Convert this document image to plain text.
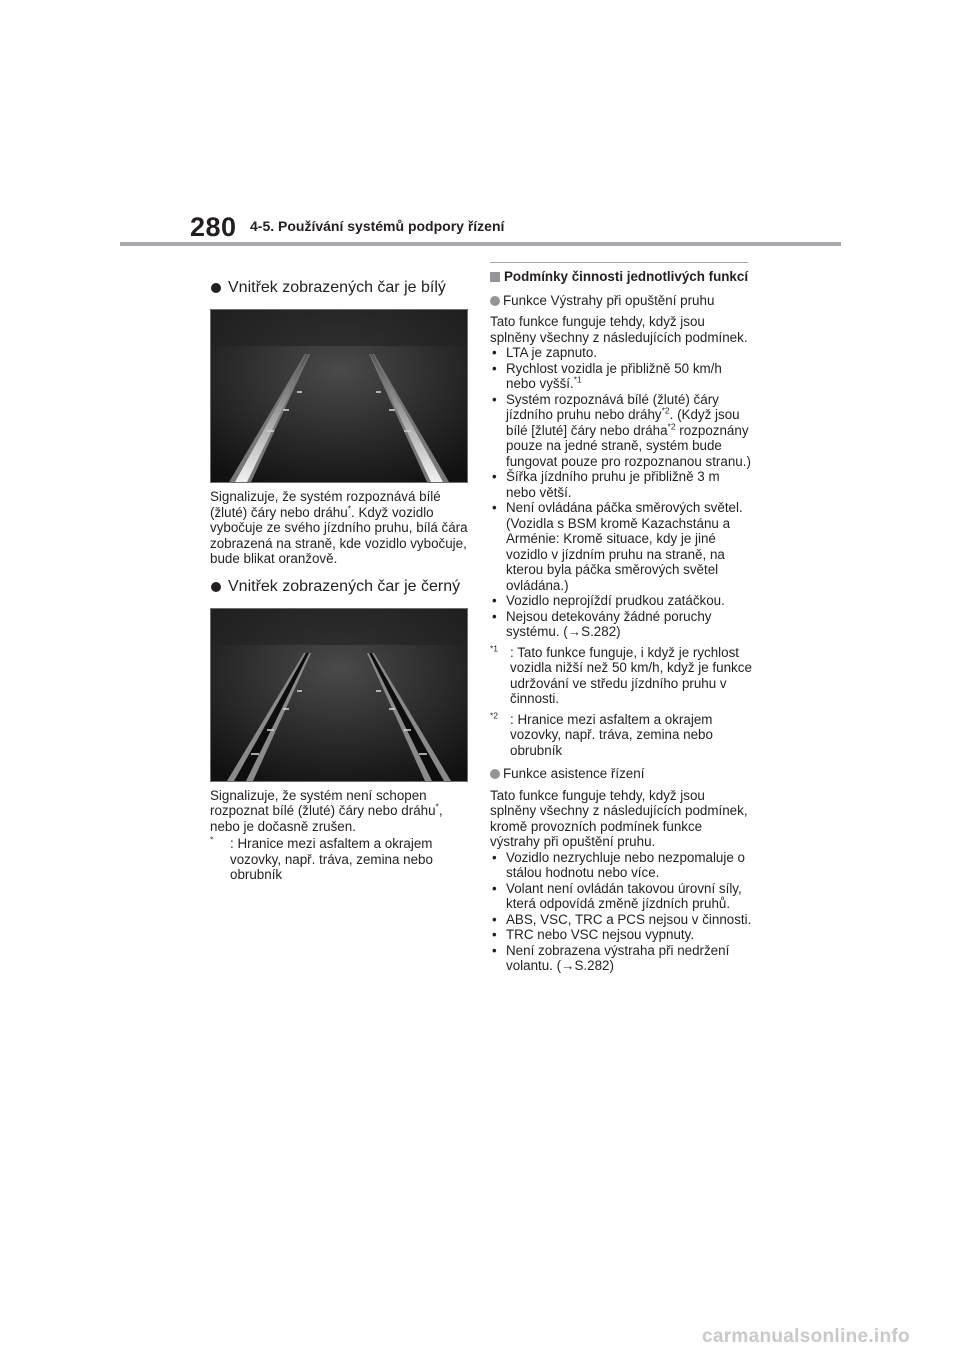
280 4-5. Používání systémů podpory řízení
Vnitřek zobrazených čar je bílý
Signalizuje, že systém rozpoznává bílé (žluté) čáry nebo dráhu*. Když vozidlo vybočuje ze svého jízdního pruhu, bílá čára zobrazená na straně, kde vozidlo vybočuje, bude blikat oranžově.
Vnitřek zobrazených čar je černý
Signalizuje, že systém není schopen rozpoznat bílé (žluté) čáry nebo dráhu*, nebo je dočasně zrušen.
* : Hranice mezi asfaltem a okrajem vozovky, např. tráva, zemina nebo obrubník
Podmínky činnosti jednotlivých funkcí
Funkce Výstrahy při opuštění pruhu
Tato funkce funguje tehdy, když jsou splněny všechny z následujících podmínek.
• LTA je zapnuto.
• Rychlost vozidla je přibližně 50 km/h nebo vyšší.$^{*1}$
• Systém rozpoznává bílé (žluté) čáry jízdního pruhu nebo dráhy$^{*2}$. (Když jsou bílé [žluté] čáry nebo dráha$^{*2}$ rozpoznány pouze na jedné straně, systém bude fungovat pouze pro rozpoznanou stranu.)
• Šířka jízdního pruhu je přibližně 3 m nebo větší.
• Není ovládána páčka směrových světel. (Vozidla s BSM kromě Kazachstánu a Arménie: Kromě situace, kdy je jiné vozidlo v jízdním pruhu na straně, na kterou byla páčka směrových světel ovládána.)
• Vozidlo neprojíždí prudkou zatáčkou.
• Nejsou detekovány žádné poruchy systému. (→S.282)
$^{*1}$ : Tato funkce funguje, i když je rychlost vozidla nižší než 50 km/h, když je funkce udržování ve středu jízdního pruhu v činnosti.
$^{*2}$ : Hranice mezi asfaltem a okrajem vozovky, např. tráva, zemina nebo obrubník
Funkce asistence řízení
Tato funkce funguje tehdy, když jsou splněny všechny z následujících podmínek, kromě provozních podmínek funkce výstrahy při opuštění pruhu.
• Vozidlo nezrychluje nebo nezpomaluje o stálou hodnotu nebo více.
• Volant není ovládán takovou úrovní síly, která odpovídá změně jízdních pruhů.
• ABS, VSC, TRC a PCS nejsou v činnosti.
• TRC nebo VSC nejsou vypnuty.
• Není zobrazena výstraha při nedržení volantu. (→S.282)
carmanualsonline.info
